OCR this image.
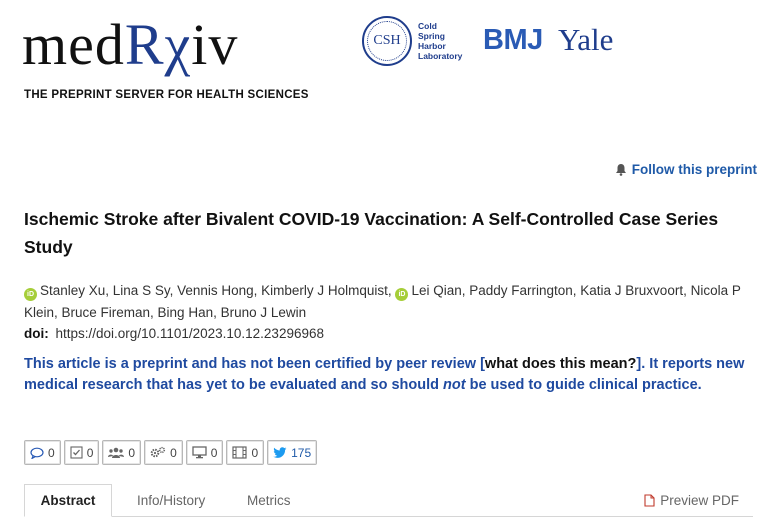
medRχiv
THE PREPRINT SERVER FOR HEALTH SCIENCES
CSH
Cold
Spring
Harbor
Laboratory BMJ Yale
Follow this preprint
Ischemic Stroke after Bivalent COVID-19 Vaccination: A Self-Controlled Case Series Study
iD Stanley Xu, Lina S Sy, Vennis Hong, Kimberly J Holmquist, iD Lei Qian, Paddy Farrington, Katia J Bruxvoort, Nicola P Klein, Bruce Fireman, Bing Han, Bruno J Lewin
doi: https://doi.org/10.1101/2023.10.12.23296968
This article is a preprint and has not been certified by peer review [what does this mean?]. It reports new medical research that has yet to be evaluated and so should not be used to guide clinical practice.
0	0	0	0	0	0	175
Abstract	Info/History	Metrics	Preview PDF
